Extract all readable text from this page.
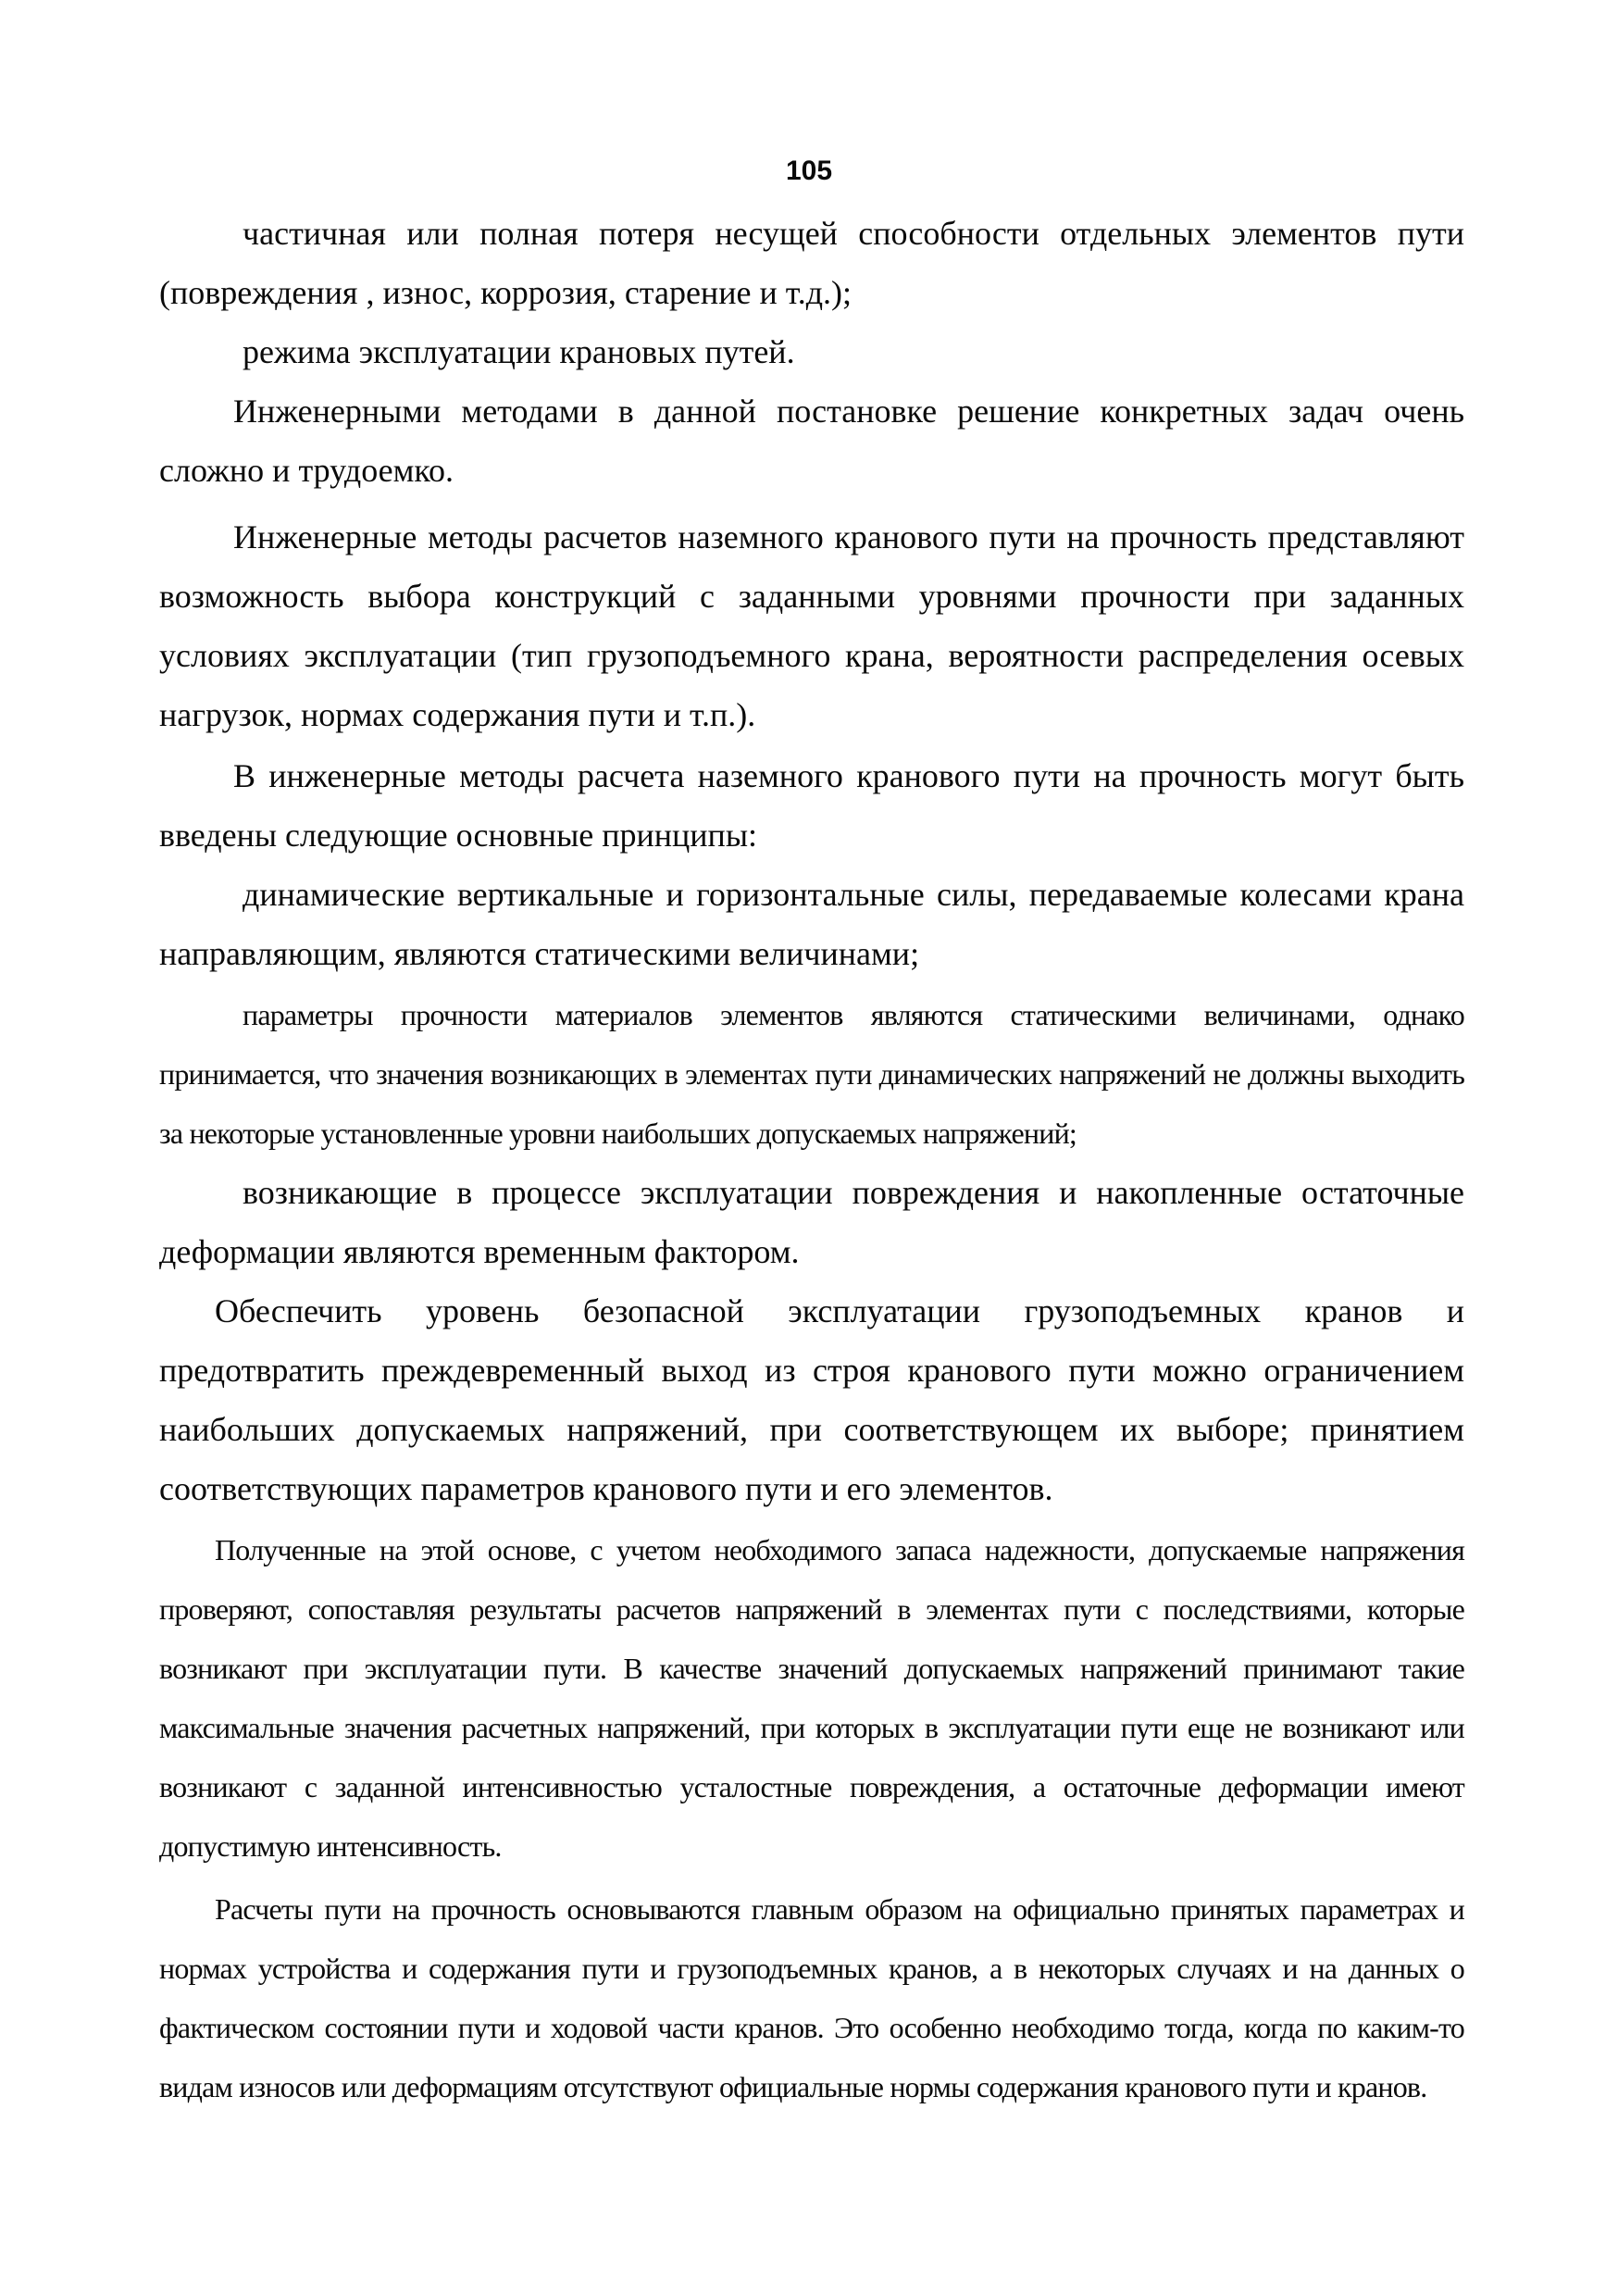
105

частичная или полная потеря несущей способности отдельных элементов пути (повреждения , износ, коррозия, старение и т.д.);

режима эксплуатации крановых путей.

Инженерными методами в данной постановке решение конкретных задач очень сложно и трудоемко.

Инженерные методы расчетов наземного кранового пути на прочность представляют возможность выбора конструкций с заданными уровнями прочности при заданных условиях эксплуатации (тип грузоподъемного крана, вероятности распределения осевых нагрузок, нормах содержания пути и т.п.).

В инженерные методы расчета наземного кранового пути на прочность могут быть введены следующие основные принципы:

динамические вертикальные и горизонтальные силы, передаваемые колесами крана направляющим, являются статическими величинами;

параметры прочности материалов элементов являются статическими величинами, однако принимается, что значения возникающих в элементах пути динамических напряжений не должны выходить за некоторые установленные уровни наибольших допускаемых напряжений;

возникающие в процессе эксплуатации повреждения и накопленные остаточные деформации являются временным фактором.

Обеспечить уровень безопасной эксплуатации грузоподъемных кранов и предотвратить преждевременный выход из строя кранового пути можно ограничением наибольших допускаемых напряжений, при соответствующем их выборе; принятием соответствующих параметров кранового пути и его элементов.

Полученные на этой основе, с учетом необходимого запаса надежности, допускаемые напряжения проверяют, сопоставляя результаты расчетов напряжений в элементах пути с последствиями, которые возникают при эксплуатации пути. В качестве значений допускаемых напряжений принимают такие максимальные значения расчетных напряжений, при которых в эксплуатации пути еще не возникают или возникают с заданной интенсивностью усталостные повреждения, а остаточные деформации имеют допустимую интенсивность.

Расчеты пути на прочность основываются главным образом на официально принятых параметрах и нормах устройства и содержания пути и грузоподъемных кранов, а в некоторых случаях и на данных о фактическом состоянии пути и ходовой части кранов. Это особенно необходимо тогда, когда по каким-то видам износов или деформациям отсутствуют официальные нормы содержания кранового пути и кранов.
